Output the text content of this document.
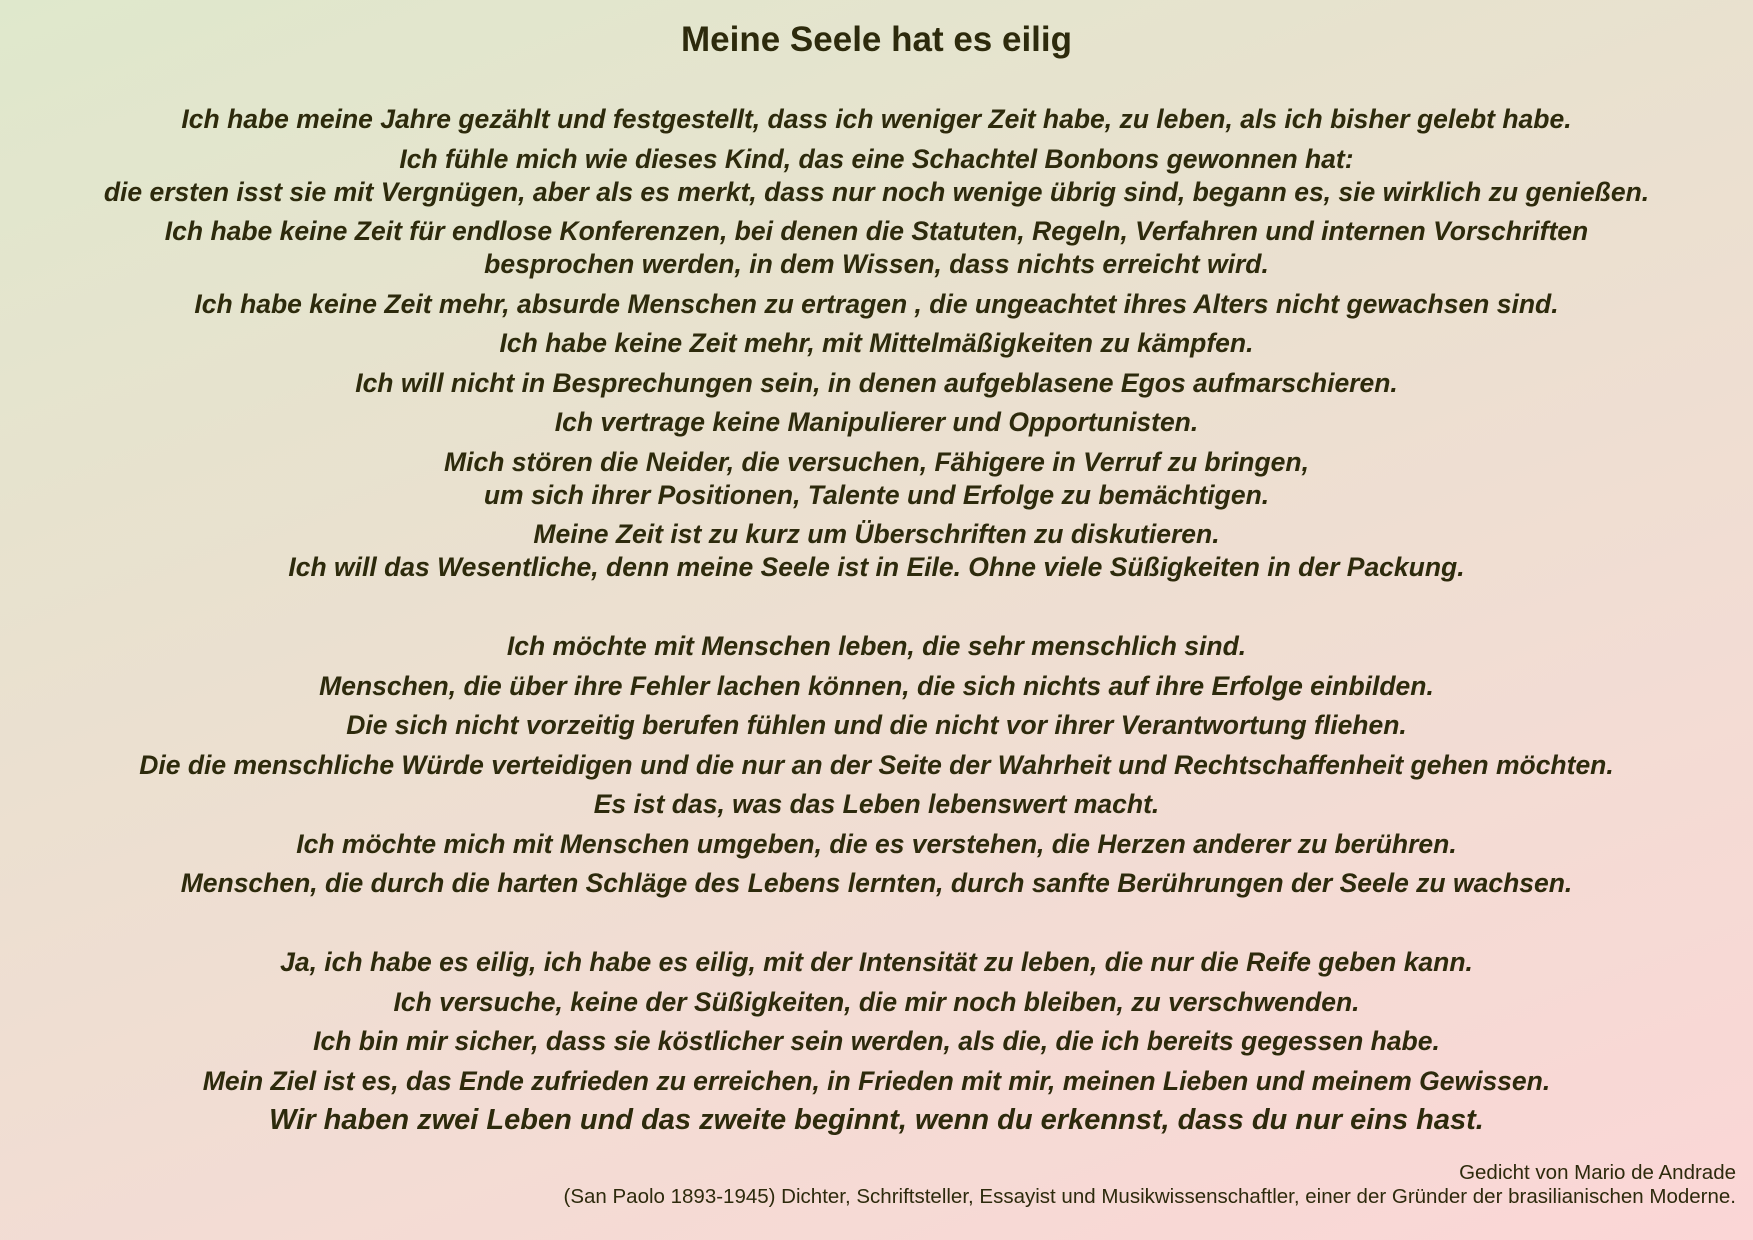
Meine Seele hat es eilig
Ich habe meine Jahre gezählt und festgestellt, dass ich weniger Zeit habe, zu leben, als ich bisher gelebt habe.
Ich fühle mich wie dieses Kind, das eine Schachtel Bonbons gewonnen hat:
die ersten isst sie mit Vergnügen, aber als es merkt, dass nur noch wenige übrig sind, begann es, sie wirklich zu genießen.
Ich habe keine Zeit für endlose Konferenzen, bei denen die Statuten, Regeln, Verfahren und internen Vorschriften
besprochen werden, in dem Wissen, dass nichts erreicht wird.
Ich habe keine Zeit mehr, absurde Menschen zu ertragen , die ungeachtet ihres Alters nicht gewachsen sind.
Ich habe keine Zeit mehr, mit Mittelmäßigkeiten zu kämpfen.
Ich will nicht in Besprechungen sein, in denen aufgeblasene Egos aufmarschieren.
Ich vertrage keine Manipulierer und Opportunisten.
Mich stören die Neider, die versuchen, Fähigere in Verruf zu bringen,
um sich ihrer Positionen, Talente und Erfolge zu bemächtigen.
Meine Zeit ist zu kurz um Überschriften zu diskutieren.
Ich will das Wesentliche, denn meine Seele ist in Eile. Ohne viele Süßigkeiten in der Packung.
Ich möchte mit Menschen leben, die sehr menschlich sind.
Menschen, die über ihre Fehler lachen können, die sich nichts auf ihre Erfolge einbilden.
Die sich nicht vorzeitig berufen fühlen und die nicht vor ihrer Verantwortung fliehen.
Die die menschliche Würde verteidigen und die nur an der Seite der Wahrheit und Rechtschaffenheit gehen möchten.
Es ist das, was das Leben lebenswert macht.
Ich möchte mich mit Menschen umgeben, die es verstehen, die Herzen anderer zu berühren.
Menschen, die durch die harten Schläge des Lebens lernten, durch sanfte Berührungen der Seele zu wachsen.
Ja, ich habe es eilig, ich habe es eilig, mit der Intensität zu leben, die nur die Reife geben kann.
Ich versuche, keine der Süßigkeiten, die mir noch bleiben, zu verschwenden.
Ich bin mir sicher, dass sie köstlicher sein werden, als die, die ich bereits gegessen habe.
Mein Ziel ist es, das Ende zufrieden zu erreichen, in Frieden mit mir, meinen Lieben und meinem Gewissen.
Wir haben zwei Leben und das zweite beginnt, wenn du erkennst, dass du nur eins hast.
Gedicht von Mario de Andrade
(San Paolo 1893-1945) Dichter, Schriftsteller, Essayist und Musikwissenschaftler, einer der Gründer der brasilianischen Moderne.
